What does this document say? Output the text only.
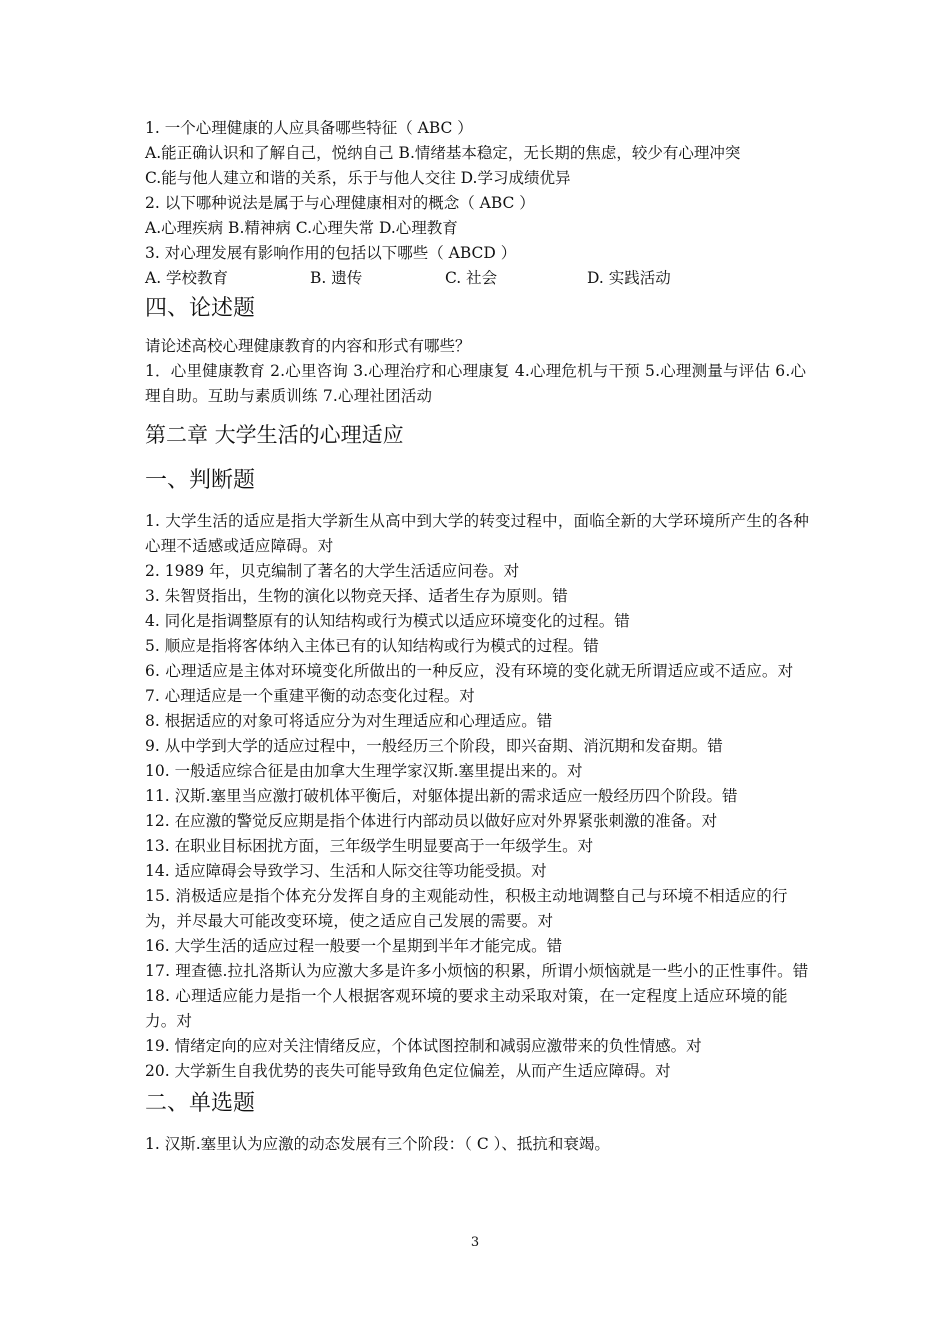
1. 一个心理健康的人应具备哪些特征（ ABC ）

A.能正确认识和了解自己，悦纳自己 B.情绪基本稳定，无长期的焦虑，较少有心理冲突

C.能与他人建立和谐的关系，乐于与他人交往 D.学习成绩优异

2. 以下哪种说法是属于与心理健康相对的概念（ ABC ）

A.心理疾病 B.精神病 C.心理失常 D.心理教育

3. 对心理发展有影响作用的包括以下哪些（ ABCD ）

A. 学校教育	B. 遗传	C. 社会	D. 实践活动
四、论述题

请论述高校心理健康教育的内容和形式有哪些？

1．心里健康教育 2.心里咨询 3.心理治疗和心理康复 4.心理危机与干预 5.心理测量与评估 6.心理自助。互助与素质训练 7.心理社团活动

第二章 大学生活的心理适应
一、判断题

1. 大学生活的适应是指大学新生从高中到大学的转变过程中，面临全新的大学环境所产生的各种心理不适感或适应障碍。对

2. 1989 年，贝克编制了著名的大学生活适应问卷。对

3. 朱智贤指出，生物的演化以物竞天择、适者生存为原则。错

4. 同化是指调整原有的认知结构或行为模式以适应环境变化的过程。错

5. 顺应是指将客体纳入主体已有的认知结构或行为模式的过程。错

6. 心理适应是主体对环境变化所做出的一种反应，没有环境的变化就无所谓适应或不适应。对

7. 心理适应是一个重建平衡的动态变化过程。对

8. 根据适应的对象可将适应分为对生理适应和心理适应。错

9. 从中学到大学的适应过程中，一般经历三个阶段，即兴奋期、消沉期和发奋期。错

10. 一般适应综合征是由加拿大生理学家汉斯.塞里提出来的。对

11. 汉斯.塞里当应激打破机体平衡后，对躯体提出新的需求适应一般经历四个阶段。错

12. 在应激的警觉反应期是指个体进行内部动员以做好应对外界紧张刺激的准备。对

13. 在职业目标困扰方面，三年级学生明显要高于一年级学生。对

14. 适应障碍会导致学习、生活和人际交往等功能受损。对

15. 消极适应是指个体充分发挥自身的主观能动性，积极主动地调整自己与环境不相适应的行为，并尽最大可能改变环境，使之适应自己发展的需要。对

16. 大学生活的适应过程一般要一个星期到半年才能完成。错

17. 理查德.拉扎洛斯认为应激大多是许多小烦恼的积累，所谓小烦恼就是一些小的正性事件。错

18. 心理适应能力是指一个人根据客观环境的要求主动采取对策，在一定程度上适应环境的能力。对

19. 情绪定向的应对关注情绪反应，个体试图控制和减弱应激带来的负性情感。对

20. 大学新生自我优势的丧失可能导致角色定位偏差，从而产生适应障碍。对

二、单选题

1. 汉斯.塞里认为应激的动态发展有三个阶段：（ C ）、抵抗和衰竭。

3
